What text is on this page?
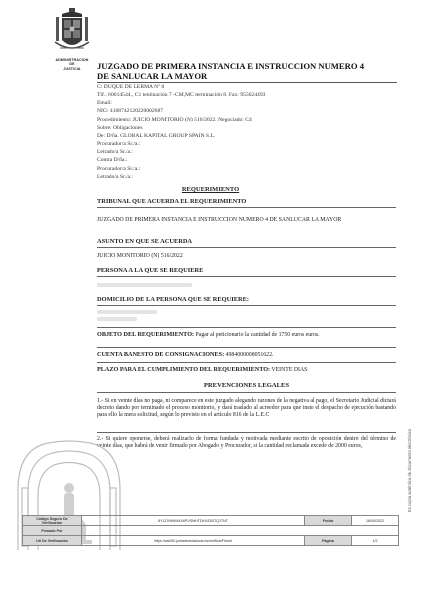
ADMINISTRACION
DE
JUSTICIA	JUZGADO DE PRIMERA INSTANCIA E INSTRUCCION NUMERO 4
DE SANLUCAR LA MAYOR
C/ DUQUE DE LERMA Nº 8
Tlf.: 60014544., C1 tentinación 7 -CM,MC terminación 8. Fax: 955624493
Email:
NIG: 4108742120220002687
Procedimiento: JUICIO MONITORIO (N) 516/2022. Negociado: C4
Sobre: Obligaciones
De: D/ña. GLOBAL KAPITAL GROUP SPAIN S.L.
Procurador/a Sr./a.:
Letrado/a Sr./a.:
Contra D/ña.:
Procurador/a Sr./a.:
Letrado/a Sr./a.:
REQUERIMIENTO
TRIBUNAL QUE ACUERDA EL REQUERIMIENTO
JUZGADO DE PRIMERA INSTANCIA E INSTRUCCION NUMERO 4 DE SANLUCAR LA MAYOR
ASUNTO EN QUE SE ACUERDA
JUICIO MONITORIO (N) 516/2022
PERSONA A LA QUE SE REQUIERE
DOMICILIO DE LA PERSONA QUE SE REQUIERE:
OBJETO DEL REQUERIMIENTO: Pagar al peticionario la cantidad de 1750 euros euros.
CUENTA BANESTO DE CONSIGNACIONES: 4984000008051622.
PLAZO PARA EL CUMPLIMIENTO DEL REQUERIMIENTO: VEINTE DIAS
PREVENCIONES LEGALES
1.- Si en veinte días no paga, ni comparece en este juzgado alegando razones de la negativa al pago, el Secretario Judicial dictará decreto dando por terminado el proceso monitorio, y dará traslado al acreedor para que inste el despacho de ejecución bastando para ello la mera solicitud, según lo previsto en el artículo 816 de la L.E.C
2.- Si quiere oponerse, deberá realizarlo de forma fundada y motivada mediante escrito de oposición dentro del término de veinte días, que habrá de venir firmado por Abogado y Procurador, si la cantidad reclamada excede de 2000 euros,	Es copia auténtica de documento electrónico
Código Seguro De Verificación	8Y1ZVWNW4X6PVSMHTDKHZ6STQJTNT	Fecha	16/05/2022
Firmado Por			
Url De Verificación	https://ws050.juntadeandalucia.es/verificarFirma/	Página	1/2
